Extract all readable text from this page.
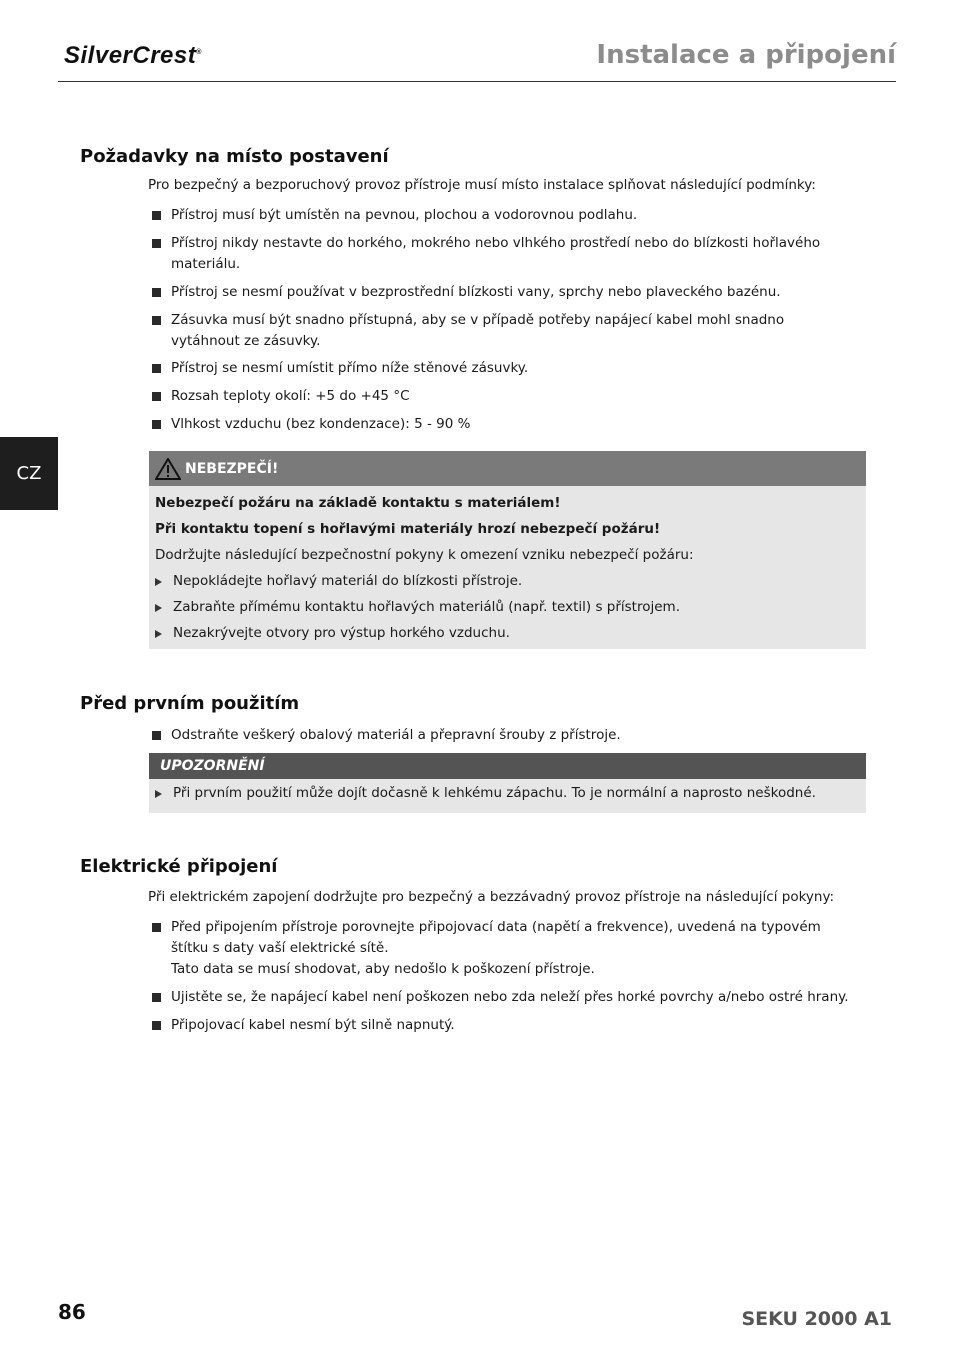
SilverCrest®	Instalace a připojení
CZ
Požadavky na místo postavení
Pro bezpečný a bezporuchový provoz přístroje musí místo instalace splňovat následující podmínky:
Přístroj musí být umístěn na pevnou, plochou a vodorovnou podlahu.
Přístroj nikdy nestavte do horkého, mokrého nebo vlhkého prostředí nebo do blízkosti hořlavého materiálu.
Přístroj se nesmí používat v bezprostřední blízkosti vany, sprchy nebo plaveckého bazénu.
Zásuvka musí být snadno přístupná, aby se v případě potřeby napájecí kabel mohl snadno vytáhnout ze zásuvky.
Přístroj se nesmí umístit přímo níže stěnové zásuvky.
Rozsah teploty okolí: +5 do +45 °C
Vlhkost vzduchu (bez kondenzace): 5 - 90 %
NEBEZPEČÍ!
Nebezpečí požáru na základě kontaktu s materiálem!
Při kontaktu topení s hořlavými materiály hrozí nebezpečí požáru!
Dodržujte následující bezpečnostní pokyny k omezení vzniku nebezpečí požáru:
Nepokládejte hořlavý materiál do blízkosti přístroje.
Zabraňte přímému kontaktu hořlavých materiálů (např. textil) s přístrojem.
Nezakrývejte otvory pro výstup horkého vzduchu.
Před prvním použitím
Odstraňte veškerý obalový materiál a přepravní šrouby z přístroje.
UPOZORNĚNÍ
Při prvním použití může dojít dočasně k lehkému zápachu. To je normální a naprosto neškodné.
Elektrické připojení
Při elektrickém zapojení dodržujte pro bezpečný a bezzávadný provoz přístroje na následující pokyny:
Před připojením přístroje porovnejte připojovací data (napětí a frekvence), uvedená na typovém štítku s daty vaší elektrické sítě.
Tato data se musí shodovat, aby nedošlo k poškození přístroje.
Ujistěte se, že napájecí kabel není poškozen nebo zda neleží přes horké povrchy a/nebo ostré hrany.
Připojovací kabel nesmí být silně napnutý.
86	SEKU 2000 A1
